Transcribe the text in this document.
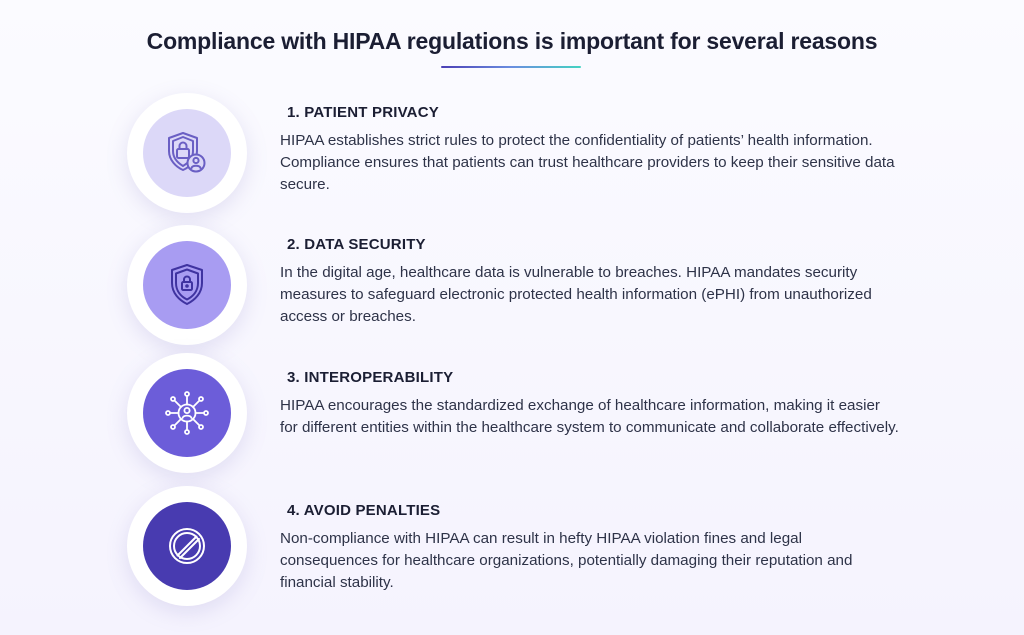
Compliance with HIPAA regulations is important for several reasons
1. PATIENT PRIVACY
HIPAA establishes strict rules to protect the confidentiality of patients’ health information. Compliance ensures that patients can trust healthcare providers to keep their sensitive data secure.
2. DATA SECURITY
In the digital age, healthcare data is vulnerable to breaches. HIPAA mandates security measures to safeguard electronic protected health information (ePHI) from unauthorized access or breaches.
3. INTEROPERABILITY
HIPAA encourages the standardized exchange of healthcare information, making it easier for different entities within the healthcare system to communicate and collaborate effectively.
4. AVOID PENALTIES
Non-compliance with HIPAA can result in hefty HIPAA violation fines and legal consequences for healthcare organizations, potentially damaging their reputation and financial stability.
